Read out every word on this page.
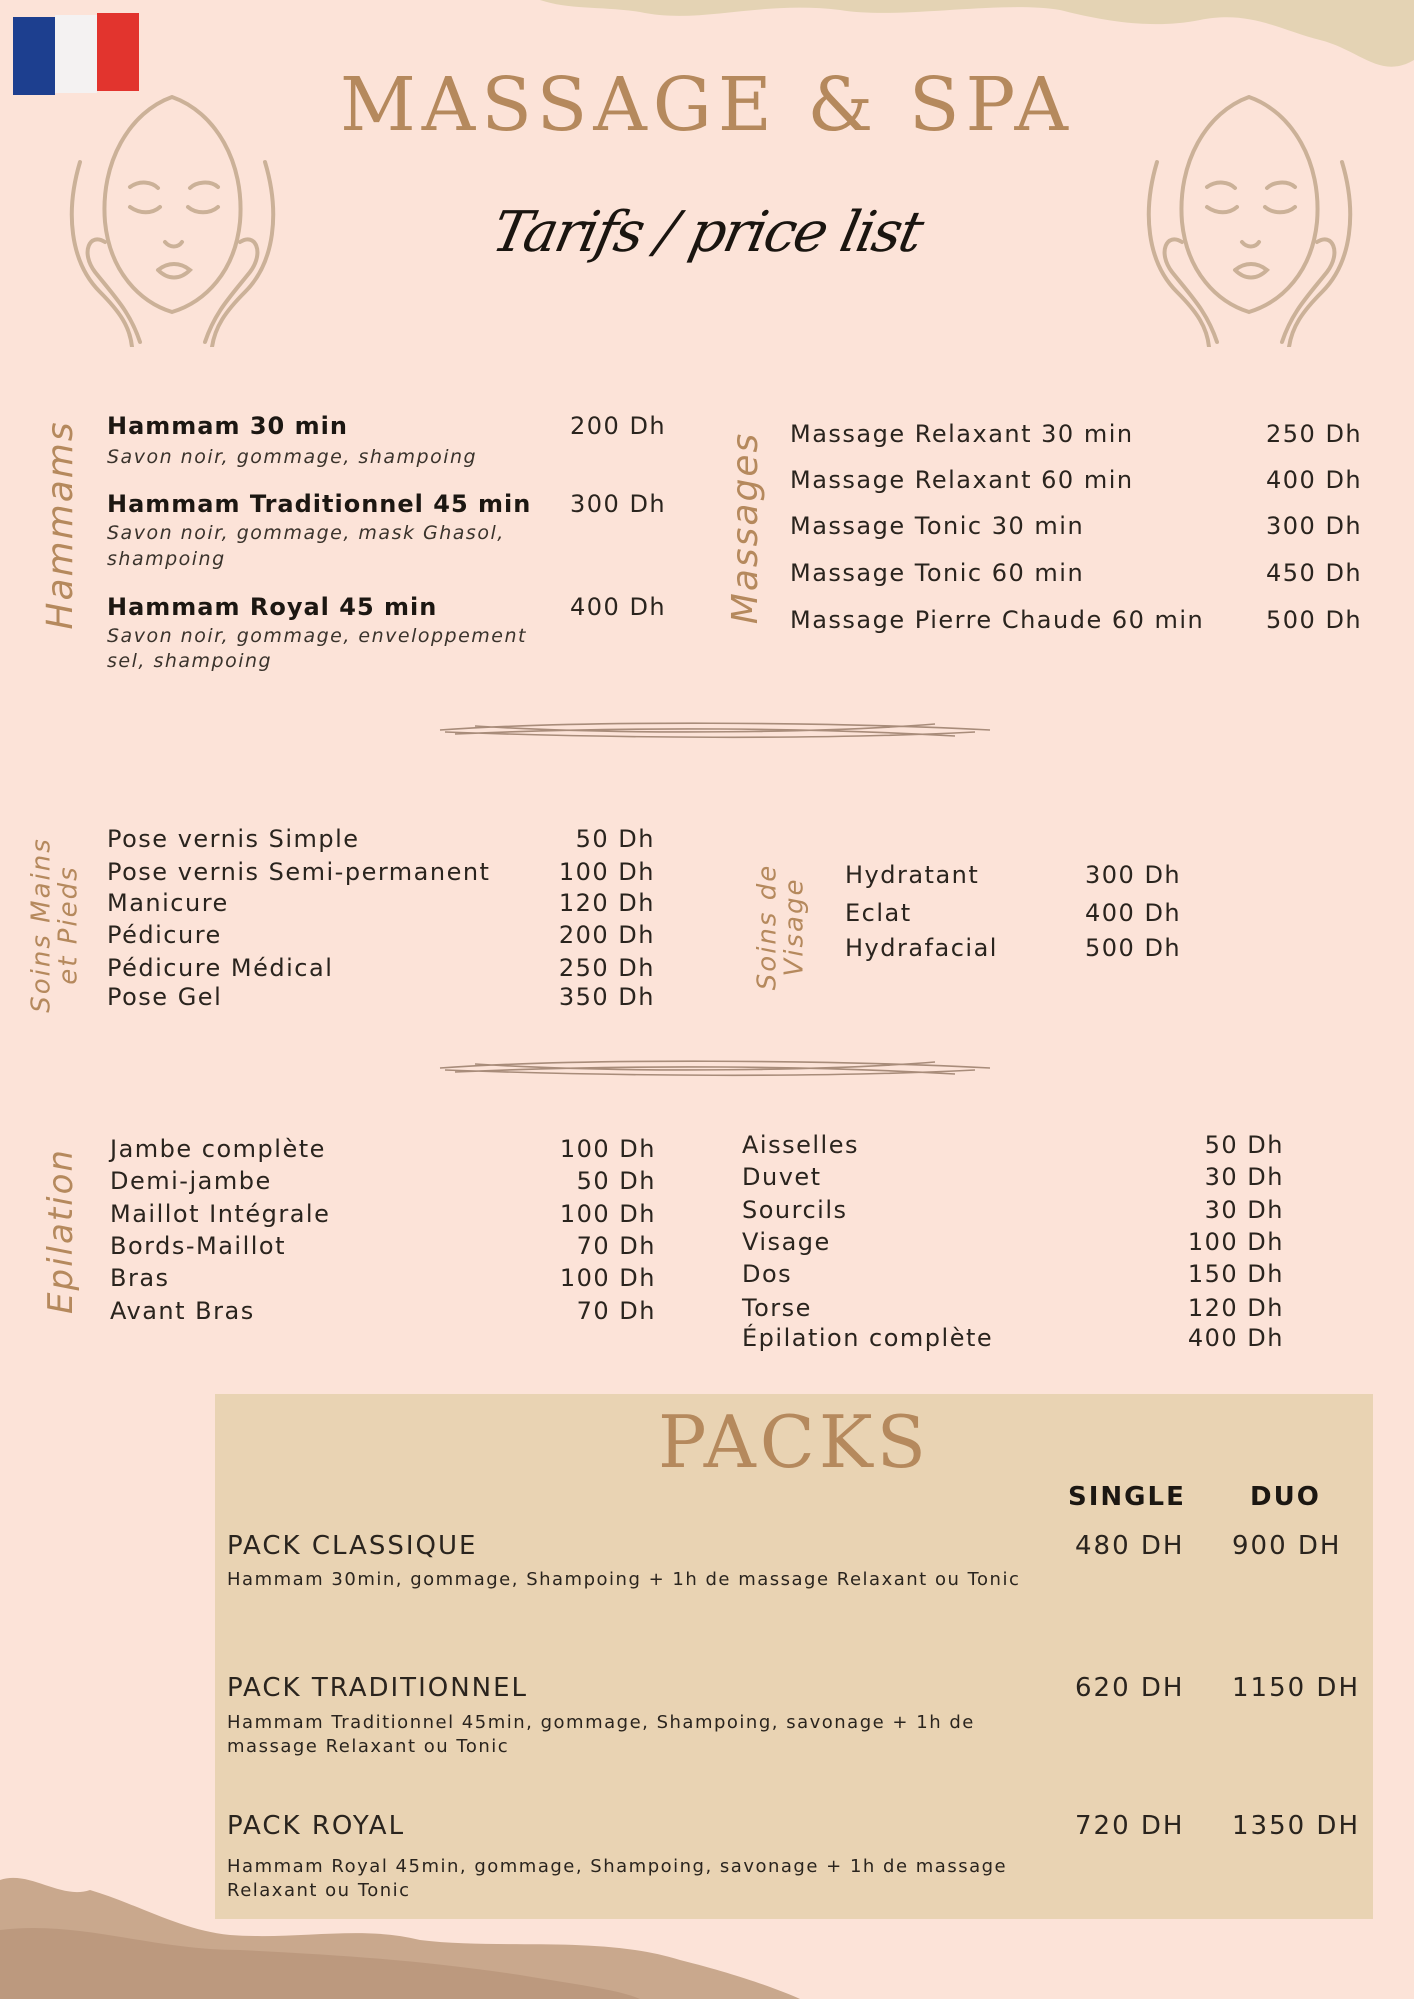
MASSAGE & SPA
Tarifs / price list
Hammams	Massages
Soins Mains
et Pieds	Soins de
Visage
Epilation
Hammam 30 min	200 Dh
Savon noir, gommage, shampoing
Hammam Traditionnel 45 min 300 Dh
Savon noir, gommage, mask Ghasol,
shampoing
Hammam Royal 45 min	400 Dh
Savon noir, gommage, enveloppement
sel, shampoing
Massage Relaxant 30 min	250 Dh
Massage Relaxant 60 min	400 Dh
Massage Tonic 30 min	300 Dh
Massage Tonic 60 min	450 Dh
Massage Pierre Chaude 60 min	500 Dh
Pose vernis Simple	50 Dh
Pose vernis Semi-permanent	100 Dh
Manicure	120 Dh
Pédicure	200 Dh
Pédicure Médical	250 Dh
Pose Gel	350 Dh
Hydratant	300 Dh
Eclat	400 Dh
Hydrafacial	500 Dh
Jambe complète	100 Dh
Demi-jambe	50 Dh
Maillot Intégrale	100 Dh
Bords-Maillot	70 Dh
Bras	100 Dh
Avant Bras	70 Dh
Aisselles	50 Dh
Duvet	30 Dh
Sourcils	30 Dh
Visage	100 Dh
Dos	150 Dh
Torse	120 Dh
Épilation complète	400 Dh
PACKS
SINGLE DUO
PACK CLASSIQUE
Hammam 30min, gommage, Shampoing + 1h de massage Relaxant ou Tonic
480 DH 900 DH
PACK TRADITIONNEL
Hammam Traditionnel 45min, gommage, Shampoing, savonage + 1h de massage Relaxant ou Tonic
620 DH 1150 DH
PACK ROYAL
Hammam Royal 45min, gommage, Shampoing, savonage + 1h de massage Relaxant ou Tonic
720 DH 1350 DH
